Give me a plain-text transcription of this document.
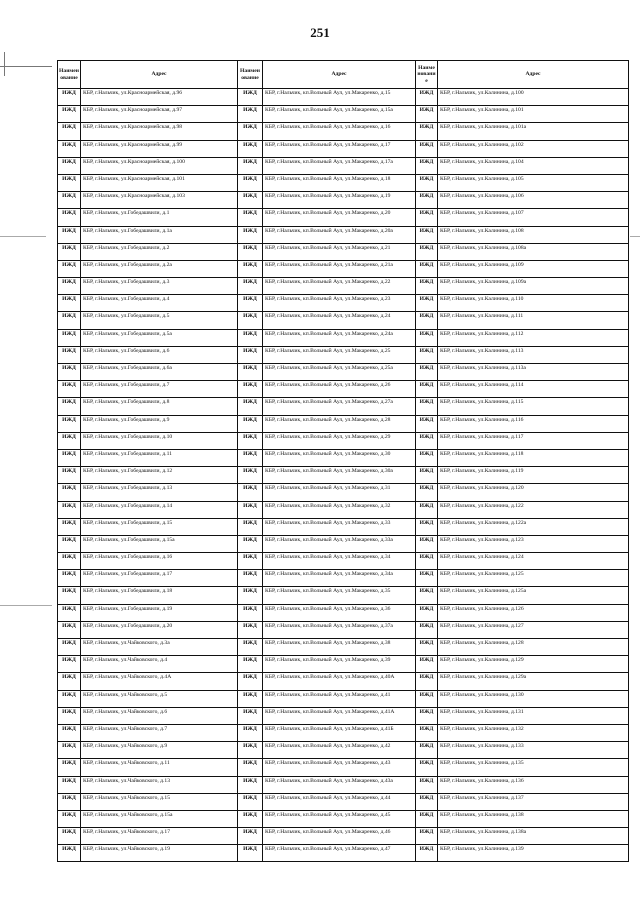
251
Наименование	Адрес	Наименование	Адрес	Наименование	Адрес
ИЖД	КБР, г.Нальчик, ул.Красноармейская, д.96	ИЖД	КБР, г.Нальчик, кп.Вольный Аул, ул.Макаренко, д.15	ИЖД	КБР, г.Нальчик, ул.Калинина, д.100
ИЖД	КБР, г.Нальчик, ул.Красноармейская, д.97	ИЖД	КБР, г.Нальчик, кп.Вольный Аул, ул.Макаренко, д.15а	ИЖД	КБР, г.Нальчик, ул.Калинина, д.101
ИЖД	КБР, г.Нальчик, ул.Красноармейская, д.98	ИЖД	КБР, г.Нальчик, кп.Вольный Аул, ул.Макаренко, д.16	ИЖД	КБР, г.Нальчик, ул.Калинина, д.101а
ИЖД	КБР, г.Нальчик, ул.Красноармейская, д.99	ИЖД	КБР, г.Нальчик, кп.Вольный Аул, ул.Макаренко, д.17	ИЖД	КБР, г.Нальчик, ул.Калинина, д.102
ИЖД	КБР, г.Нальчик, ул.Красноармейская, д.100	ИЖД	КБР, г.Нальчик, кп.Вольный Аул, ул.Макаренко, д.17а	ИЖД	КБР, г.Нальчик, ул.Калинина, д.104
ИЖД	КБР, г.Нальчик, ул.Красноармейская, д.101	ИЖД	КБР, г.Нальчик, кп.Вольный Аул, ул.Макаренко, д.18	ИЖД	КБР, г.Нальчик, ул.Калинина, д.105
ИЖД	КБР, г.Нальчик, ул.Красноармейская, д.103	ИЖД	КБР, г.Нальчик, кп.Вольный Аул, ул.Макаренко, д.19	ИЖД	КБР, г.Нальчик, ул.Калинина, д.106
ИЖД	КБР, г.Нальчик, ул.Гобедашвили, д.1	ИЖД	КБР, г.Нальчик, кп.Вольный Аул, ул.Макаренко, д.20	ИЖД	КБР, г.Нальчик, ул.Калинина, д.107
ИЖД	КБР, г.Нальчик, ул.Гобедашвили, д.1а	ИЖД	КБР, г.Нальчик, кп.Вольный Аул, ул.Макаренко, д.20а	ИЖД	КБР, г.Нальчик, ул.Калинина, д.108
ИЖД	КБР, г.Нальчик, ул.Гобедашвили, д.2	ИЖД	КБР, г.Нальчик, кп.Вольный Аул, ул.Макаренко, д.21	ИЖД	КБР, г.Нальчик, ул.Калинина, д.108а
ИЖД	КБР, г.Нальчик, ул.Гобедашвили, д.2а	ИЖД	КБР, г.Нальчик, кп.Вольный Аул, ул.Макаренко, д.21а	ИЖД	КБР, г.Нальчик, ул.Калинина, д.109
ИЖД	КБР, г.Нальчик, ул.Гобедашвили, д.3	ИЖД	КБР, г.Нальчик, кп.Вольный Аул, ул.Макаренко, д.22	ИЖД	КБР, г.Нальчик, ул.Калинина, д.109а
ИЖД	КБР, г.Нальчик, ул.Гобедашвили, д.4	ИЖД	КБР, г.Нальчик, кп.Вольный Аул, ул.Макаренко, д.23	ИЖД	КБР, г.Нальчик, ул.Калинина, д.110
ИЖД	КБР, г.Нальчик, ул.Гобедашвили, д.5	ИЖД	КБР, г.Нальчик, кп.Вольный Аул, ул.Макаренко, д.24	ИЖД	КБР, г.Нальчик, ул.Калинина, д.111
ИЖД	КБР, г.Нальчик, ул.Гобедашвили, д.5а	ИЖД	КБР, г.Нальчик, кп.Вольный Аул, ул.Макаренко, д.24а	ИЖД	КБР, г.Нальчик, ул.Калинина, д.112
ИЖД	КБР, г.Нальчик, ул.Гобедашвили, д.6	ИЖД	КБР, г.Нальчик, кп.Вольный Аул, ул.Макаренко, д.25	ИЖД	КБР, г.Нальчик, ул.Калинина, д.113
ИЖД	КБР, г.Нальчик, ул.Гобедашвили, д.6а	ИЖД	КБР, г.Нальчик, кп.Вольный Аул, ул.Макаренко, д.25а	ИЖД	КБР, г.Нальчик, ул.Калинина, д.113а
ИЖД	КБР, г.Нальчик, ул.Гобедашвили, д.7	ИЖД	КБР, г.Нальчик, кп.Вольный Аул, ул.Макаренко, д.26	ИЖД	КБР, г.Нальчик, ул.Калинина, д.114
ИЖД	КБР, г.Нальчик, ул.Гобедашвили, д.8	ИЖД	КБР, г.Нальчик, кп.Вольный Аул, ул.Макаренко, д.27а	ИЖД	КБР, г.Нальчик, ул.Калинина, д.115
ИЖД	КБР, г.Нальчик, ул.Гобедашвили, д.9	ИЖД	КБР, г.Нальчик, кп.Вольный Аул, ул.Макаренко, д.28	ИЖД	КБР, г.Нальчик, ул.Калинина, д.116
ИЖД	КБР, г.Нальчик, ул.Гобедашвили, д.10	ИЖД	КБР, г.Нальчик, кп.Вольный Аул, ул.Макаренко, д.29	ИЖД	КБР, г.Нальчик, ул.Калинина, д.117
ИЖД	КБР, г.Нальчик, ул.Гобедашвили, д.11	ИЖД	КБР, г.Нальчик, кп.Вольный Аул, ул.Макаренко, д.30	ИЖД	КБР, г.Нальчик, ул.Калинина, д.118
ИЖД	КБР, г.Нальчик, ул.Гобедашвили, д.12	ИЖД	КБР, г.Нальчик, кп.Вольный Аул, ул.Макаренко, д.30а	ИЖД	КБР, г.Нальчик, ул.Калинина, д.119
ИЖД	КБР, г.Нальчик, ул.Гобедашвили, д.13	ИЖД	КБР, г.Нальчик, кп.Вольный Аул, ул.Макаренко, д.31	ИЖД	КБР, г.Нальчик, ул.Калинина, д.120
ИЖД	КБР, г.Нальчик, ул.Гобедашвили, д.14	ИЖД	КБР, г.Нальчик, кп.Вольный Аул, ул.Макаренко, д.32	ИЖД	КБР, г.Нальчик, ул.Калинина, д.122
ИЖД	КБР, г.Нальчик, ул.Гобедашвили, д.15	ИЖД	КБР, г.Нальчик, кп.Вольный Аул, ул.Макаренко, д.33	ИЖД	КБР, г.Нальчик, ул.Калинина, д.122а
ИЖД	КБР, г.Нальчик, ул.Гобедашвили, д.15а	ИЖД	КБР, г.Нальчик, кп.Вольный Аул, ул.Макаренко, д.33а	ИЖД	КБР, г.Нальчик, ул.Калинина, д.123
ИЖД	КБР, г.Нальчик, ул.Гобедашвили, д.16	ИЖД	КБР, г.Нальчик, кп.Вольный Аул, ул.Макаренко, д.34	ИЖД	КБР, г.Нальчик, ул.Калинина, д.124
ИЖД	КБР, г.Нальчик, ул.Гобедашвили, д.17	ИЖД	КБР, г.Нальчик, кп.Вольный Аул, ул.Макаренко, д.34а	ИЖД	КБР, г.Нальчик, ул.Калинина, д.125
ИЖД	КБР, г.Нальчик, ул.Гобедашвили, д.18	ИЖД	КБР, г.Нальчик, кп.Вольный Аул, ул.Макаренко, д.35	ИЖД	КБР, г.Нальчик, ул.Калинина, д.125а
ИЖД	КБР, г.Нальчик, ул.Гобедашвили, д.19	ИЖД	КБР, г.Нальчик, кп.Вольный Аул, ул.Макаренко, д.36	ИЖД	КБР, г.Нальчик, ул.Калинина, д.126
ИЖД	КБР, г.Нальчик, ул.Гобедашвили, д.20	ИЖД	КБР, г.Нальчик, кп.Вольный Аул, ул.Макаренко, д.37а	ИЖД	КБР, г.Нальчик, ул.Калинина, д.127
ИЖД	КБР, г.Нальчик, ул.Чайковского, д.3а	ИЖД	КБР, г.Нальчик, кп.Вольный Аул, ул.Макаренко, д.38	ИЖД	КБР, г.Нальчик, ул.Калинина, д.128
ИЖД	КБР, г.Нальчик, ул.Чайковского, д.4	ИЖД	КБР, г.Нальчик, кп.Вольный Аул, ул.Макаренко, д.39	ИЖД	КБР, г.Нальчик, ул.Калинина, д.129
ИЖД	КБР, г.Нальчик, ул.Чайковского, д.4А	ИЖД	КБР, г.Нальчик, кп.Вольный Аул, ул.Макаренко, д.40А	ИЖД	КБР, г.Нальчик, ул.Калинина, д.129а
ИЖД	КБР, г.Нальчик, ул.Чайковского, д.5	ИЖД	КБР, г.Нальчик, кп.Вольный Аул, ул.Макаренко, д.41	ИЖД	КБР, г.Нальчик, ул.Калинина, д.130
ИЖД	КБР, г.Нальчик, ул.Чайковского, д.6	ИЖД	КБР, г.Нальчик, кп.Вольный Аул, ул.Макаренко, д.41А	ИЖД	КБР, г.Нальчик, ул.Калинина, д.131
ИЖД	КБР, г.Нальчик, ул.Чайковского, д.7	ИЖД	КБР, г.Нальчик, кп.Вольный Аул, ул.Макаренко, д.41Б	ИЖД	КБР, г.Нальчик, ул.Калинина, д.132
ИЖД	КБР, г.Нальчик, ул.Чайковского, д.9	ИЖД	КБР, г.Нальчик, кп.Вольный Аул, ул.Макаренко, д.42	ИЖД	КБР, г.Нальчик, ул.Калинина, д.133
ИЖД	КБР, г.Нальчик, ул.Чайковского, д.11	ИЖД	КБР, г.Нальчик, кп.Вольный Аул, ул.Макаренко, д.43	ИЖД	КБР, г.Нальчик, ул.Калинина, д.135
ИЖД	КБР, г.Нальчик, ул.Чайковского, д.13	ИЖД	КБР, г.Нальчик, кп.Вольный Аул, ул.Макаренко, д.43а	ИЖД	КБР, г.Нальчик, ул.Калинина, д.136
ИЖД	КБР, г.Нальчик, ул.Чайковского, д.15	ИЖД	КБР, г.Нальчик, кп.Вольный Аул, ул.Макаренко, д.44	ИЖД	КБР, г.Нальчик, ул.Калинина, д.137
ИЖД	КБР, г.Нальчик, ул.Чайковского, д.15а	ИЖД	КБР, г.Нальчик, кп.Вольный Аул, ул.Макаренко, д.45	ИЖД	КБР, г.Нальчик, ул.Калинина, д.138
ИЖД	КБР, г.Нальчик, ул.Чайковского, д.17	ИЖД	КБР, г.Нальчик, кп.Вольный Аул, ул.Макаренко, д.46	ИЖД	КБР, г.Нальчик, ул.Калинина, д.138а
ИЖД	КБР, г.Нальчик, ул.Чайковского, д.19	ИЖД	КБР, г.Нальчик, кп.Вольный Аул, ул.Макаренко, д.47	ИЖД	КБР, г.Нальчик, ул.Калинина, д.139
